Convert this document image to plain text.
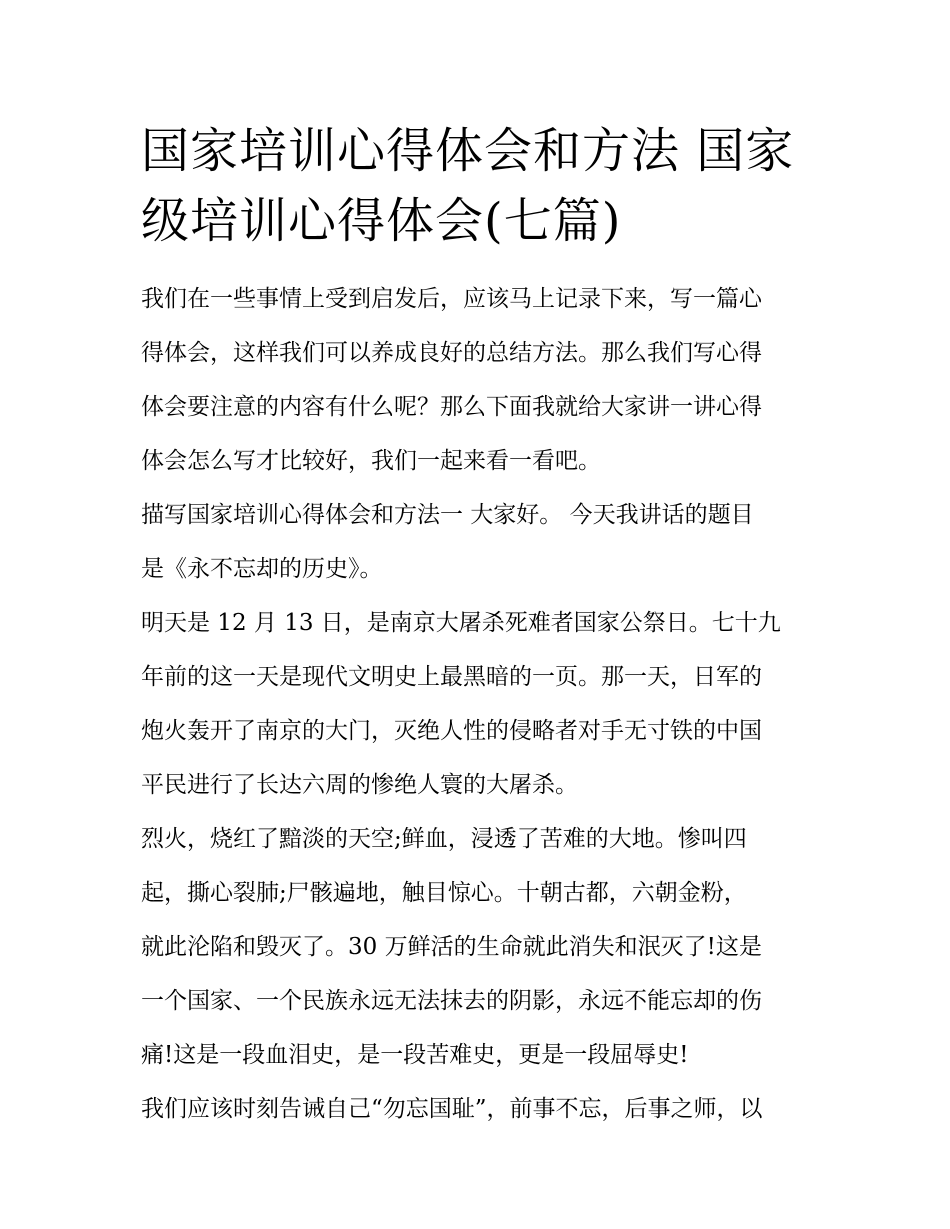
国家培训心得体会和方法 国家
级培训心得体会(七篇)

我们在一些事情上受到启发后，应该马上记录下来，写一篇心
得体会，这样我们可以养成良好的总结方法。那么我们写心得
体会要注意的内容有什么呢？那么下面我就给大家讲一讲心得
体会怎么写才比较好，我们一起来看一看吧。

描写国家培训心得体会和方法一 大家好。 今天我讲话的题目
是《永不忘却的历史》。

明天是 12 月 13 日，是南京大屠杀死难者国家公祭日。七十九
年前的这一天是现代文明史上最黑暗的一页。那一天，日军的
炮火轰开了南京的大门，灭绝人性的侵略者对手无寸铁的中国
平民进行了长达六周的惨绝人寰的大屠杀。

烈火，烧红了黯淡的天空;鲜血，浸透了苦难的大地。惨叫四
起，撕心裂肺;尸骸遍地，触目惊心。十朝古都，六朝金粉，
就此沦陷和毁灭了。30 万鲜活的生命就此消失和泯灭了!这是
一个国家、一个民族永远无法抹去的阴影，永远不能忘却的伤
痛!这是一段血泪史，是一段苦难史，更是一段屈辱史!

我们应该时刻告诫自己“勿忘国耻”，前事不忘，后事之师，以
